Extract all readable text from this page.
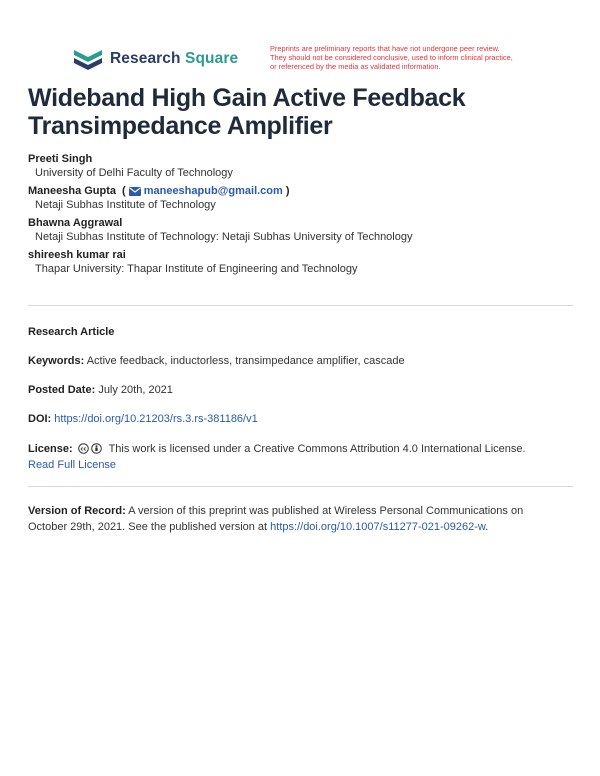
Research Square
Preprints are preliminary reports that have not undergone peer review.
They should not be considered conclusive, used to inform clinical practice,
or referenced by the media as validated information.
Wideband High Gain Active Feedback
Transimpedance Amplifier
Preeti Singh
University of Delhi Faculty of Technology
Maneesha Gupta ( maneeshapub@gmail.com )
Netaji Subhas Institute of Technology
Bhawna Aggrawal
Netaji Subhas Institute of Technology: Netaji Subhas University of Technology
shireesh kumar rai
Thapar University: Thapar Institute of Engineering and Technology
Research Article
Keywords: Active feedback, inductorless, transimpedance amplifier, cascade
Posted Date: July 20th, 2021
DOI: https://doi.org/10.21203/rs.3.rs-381186/v1
License: cc This work is licensed under a Creative Commons Attribution 4.0 International License.
Read Full License
Version of Record: A version of this preprint was published at Wireless Personal Communications on
October 29th, 2021. See the published version at https://doi.org/10.1007/s11277-021-09262-w.
